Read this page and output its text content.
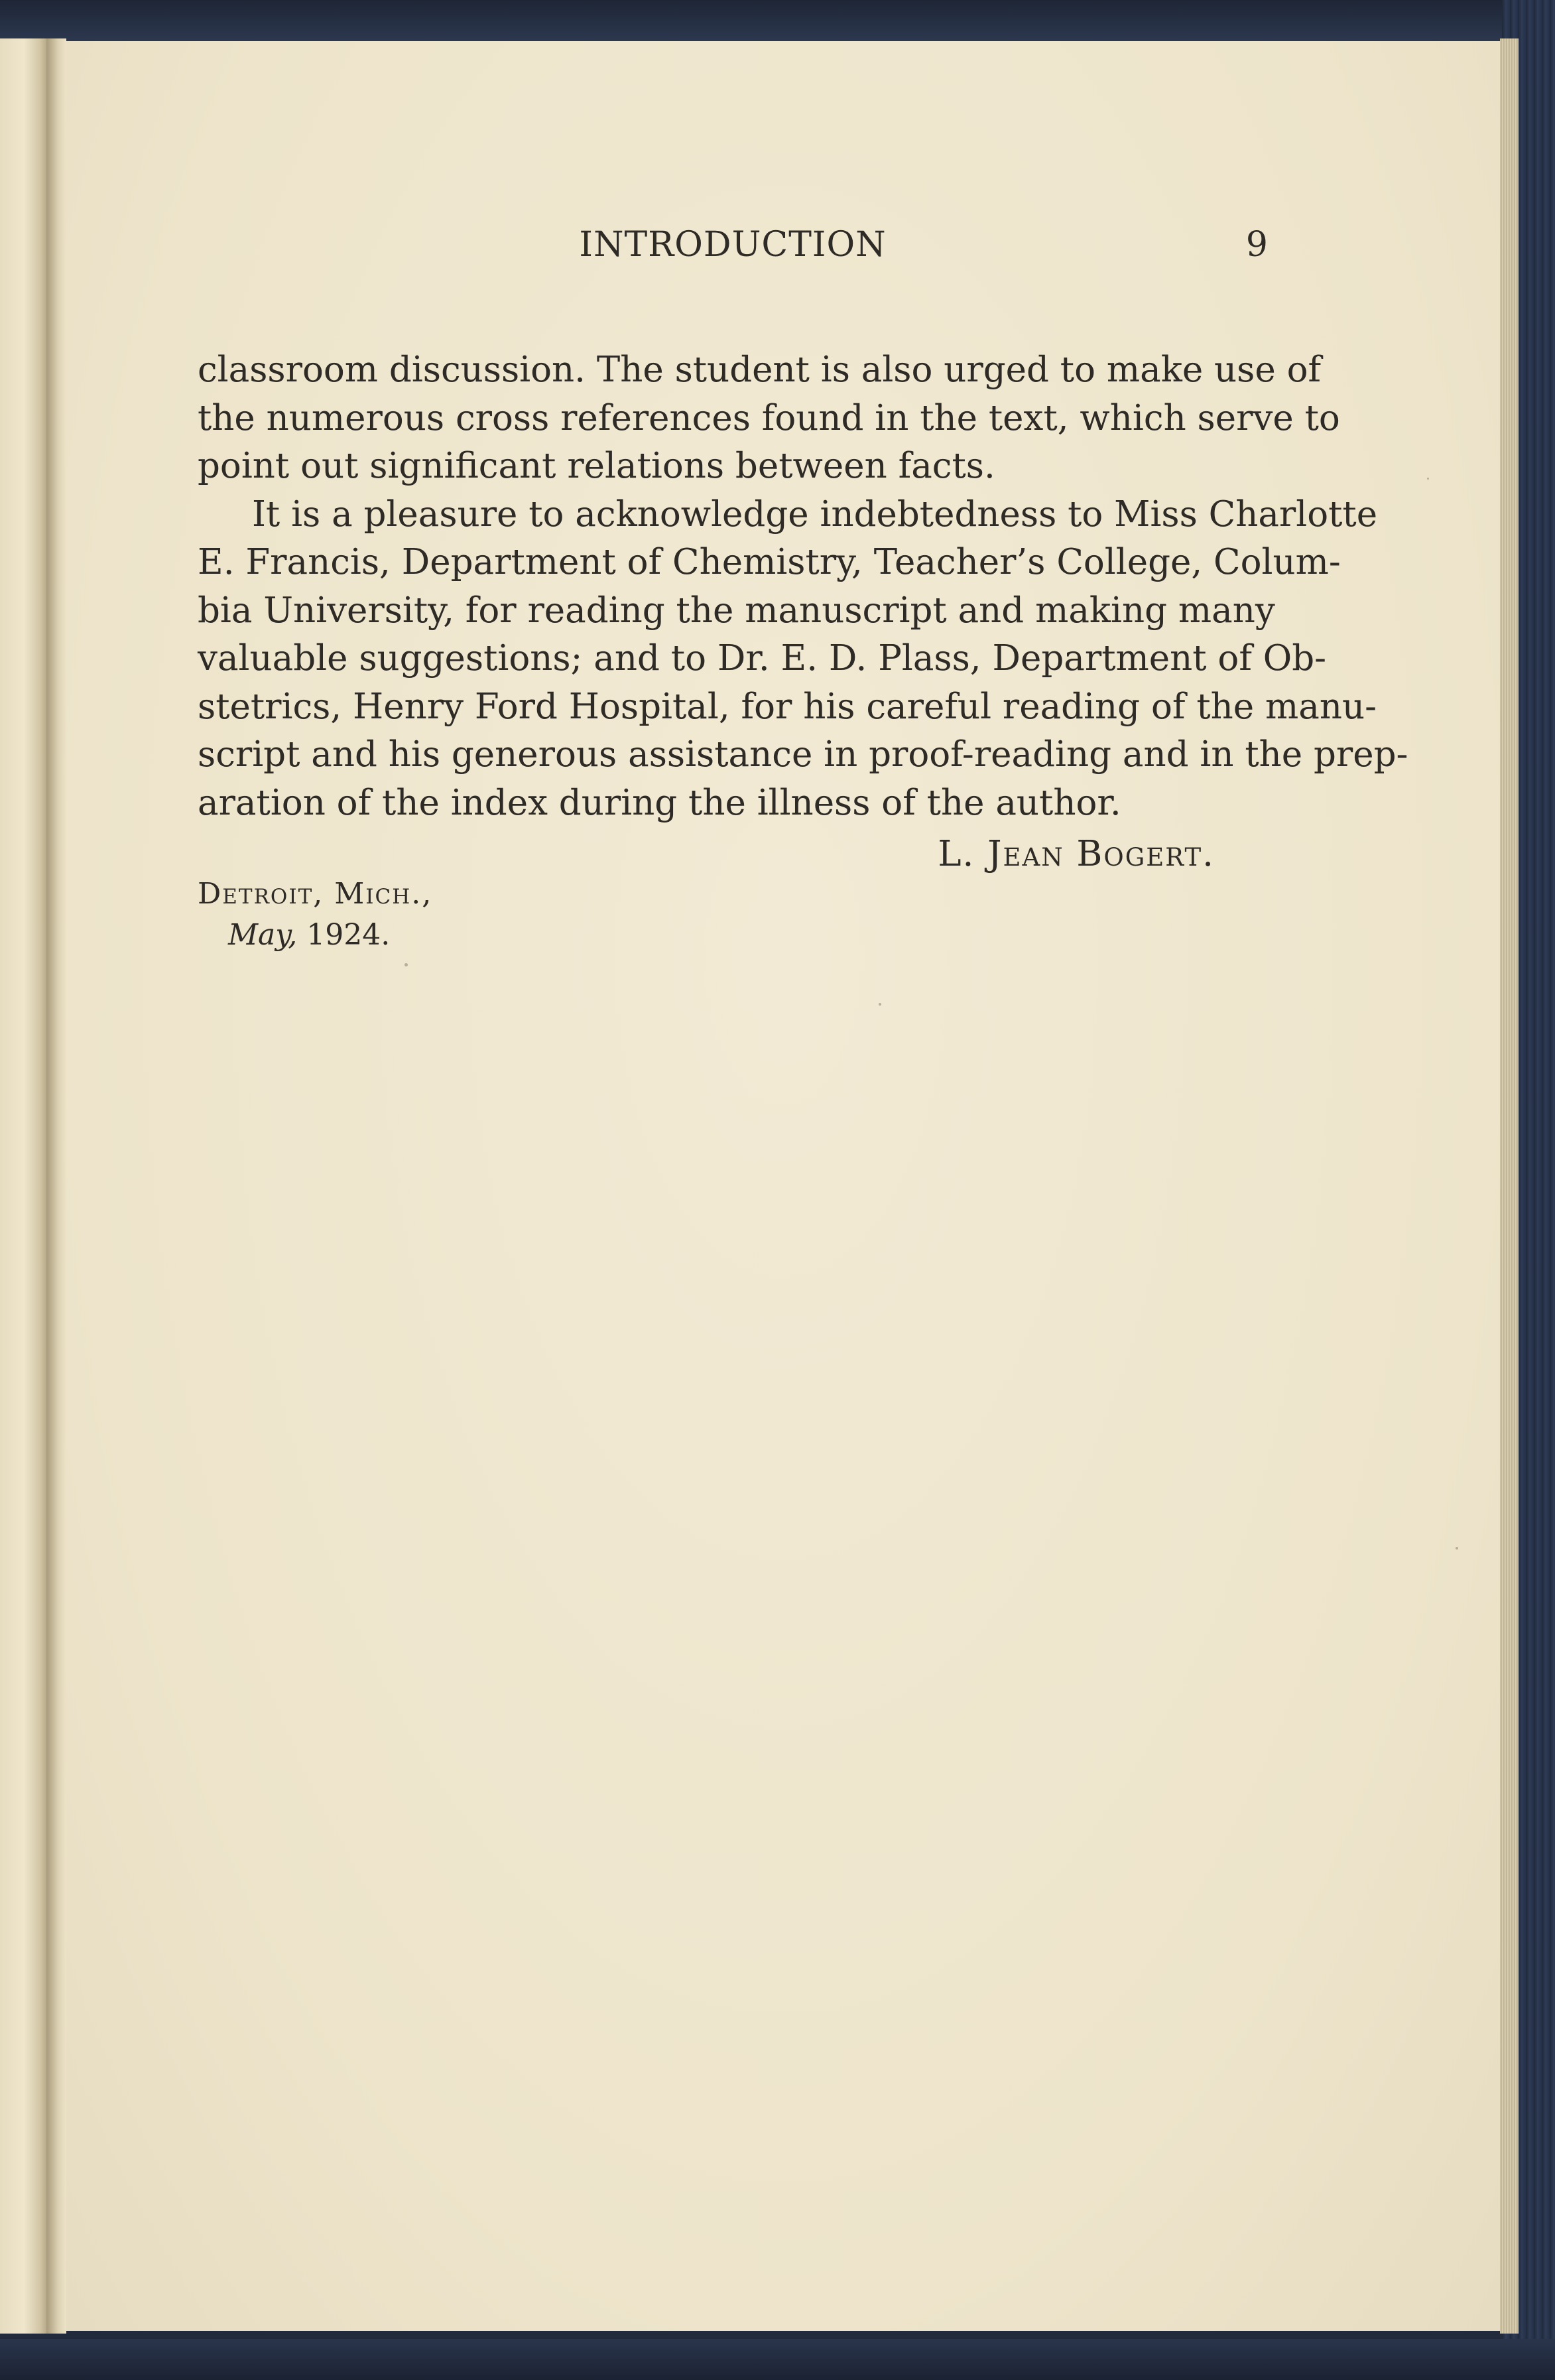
INTRODUCTION	9

classroom discussion. The student is also urged to make use of
the numerous cross references found in the text, which serve to
point out significant relations between facts.

It is a pleasure to acknowledge indebtedness to Miss Charlotte
E. Francis, Department of Chemistry, Teacher’s College, Colum-
bia University, for reading the manuscript and making many
valuable suggestions; and to Dr. E. D. Plass, Department of Ob-
stetrics, Henry Ford Hospital, for his careful reading of the manu-
script and his generous assistance in proof-reading and in the prep-
aration of the index during the illness of the author.

L. Jean Bogert.
Detroit, Mich.,
May, 1924.
